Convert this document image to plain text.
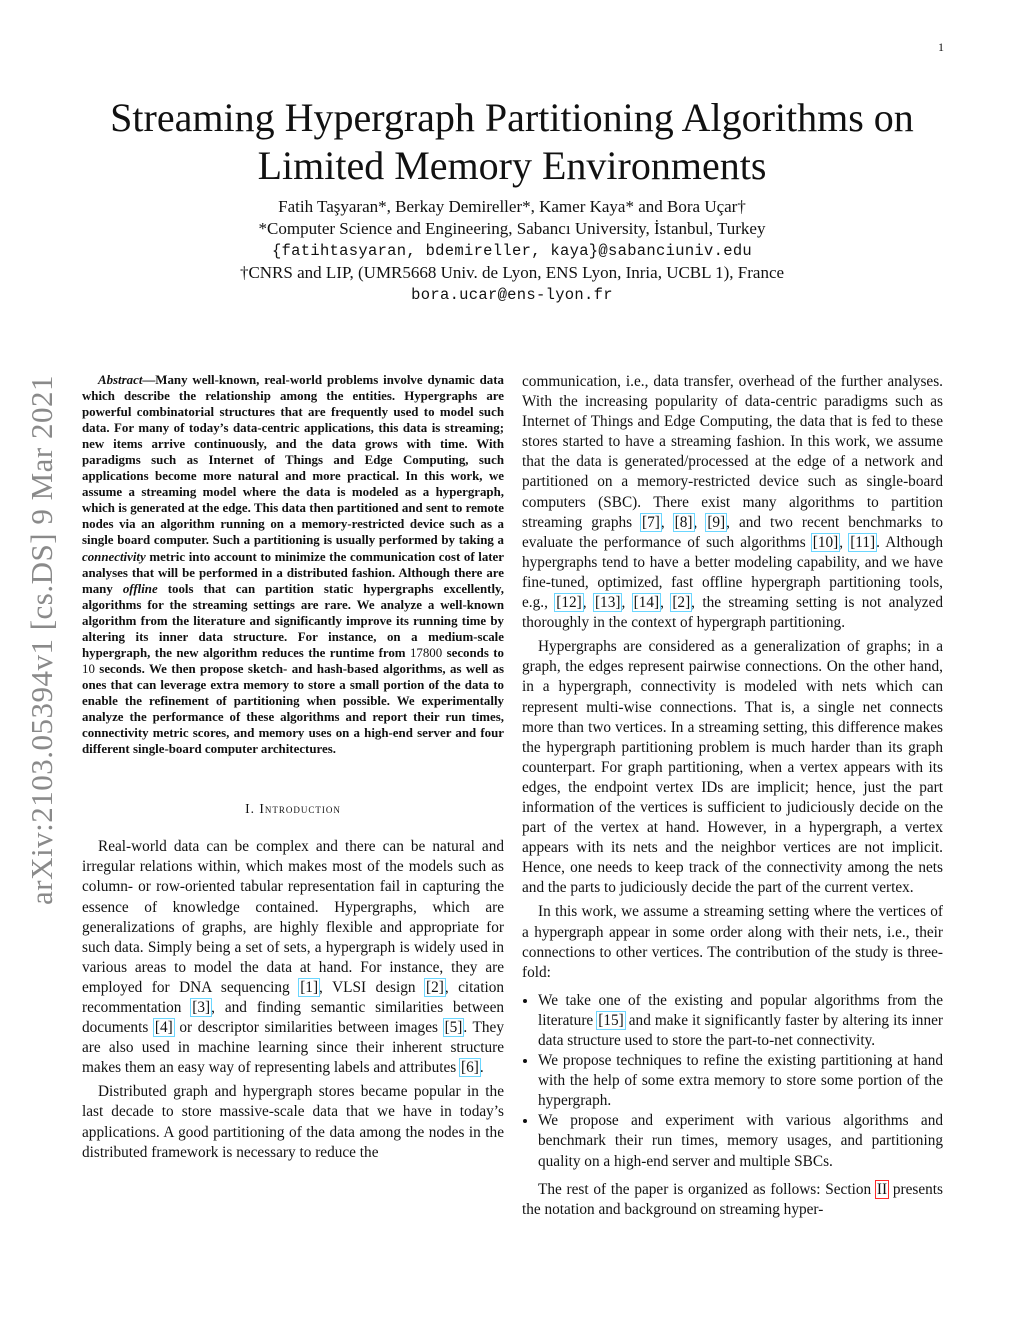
1
arXiv:2103.05394v1 [cs.DS] 9 Mar 2021
Streaming Hypergraph Partitioning Algorithms on Limited Memory Environments
Fatih Taşyaran*, Berkay Demireller*, Kamer Kaya* and Bora Uçar†
*Computer Science and Engineering, Sabancı University, İstanbul, Turkey
{fatihtasyaran, bdemireller, kaya}@sabanciuniv.edu
†CNRS and LIP, (UMR5668 Univ. de Lyon, ENS Lyon, Inria, UCBL 1), France
bora.ucar@ens-lyon.fr

Abstract—Many well-known, real-world problems involve dynamic data which describe the relationship among the entities. Hypergraphs are powerful combinatorial structures that are frequently used to model such data. For many of today’s data-centric applications, this data is streaming; new items arrive continuously, and the data grows with time. With paradigms such as Internet of Things and Edge Computing, such applications become more natural and more practical. In this work, we assume a streaming model where the data is modeled as a hypergraph, which is generated at the edge. This data then partitioned and sent to remote nodes via an algorithm running on a memory-restricted device such as a single board computer. Such a partitioning is usually performed by taking a connectivity metric into account to minimize the communication cost of later analyses that will be performed in a distributed fashion. Although there are many offline tools that can partition static hypergraphs excellently, algorithms for the streaming settings are rare. We analyze a well-known algorithm from the literature and significantly improve its running time by altering its inner data structure. For instance, on a medium-scale hypergraph, the new algorithm reduces the runtime from 17800 seconds to 10 seconds. We then propose sketch- and hash-based algorithms, as well as ones that can leverage extra memory to store a small portion of the data to enable the refinement of partitioning when possible. We experimentally analyze the performance of these algorithms and report their run times, connectivity metric scores, and memory uses on a high-end server and four different single-board computer architectures.

I. Introduction

Real-world data can be complex and there can be natural and irregular relations within, which makes most of the models such as column- or row-oriented tabular representation fail in capturing the essence of knowledge contained. Hypergraphs, which are generalizations of graphs, are highly flexible and appropriate for such data. Simply being a set of sets, a hypergraph is widely used in various areas to model the data at hand. For instance, they are employed for DNA sequencing [1], VLSI design [2], citation recommentation [3], and finding semantic similarities between documents [4] or descriptor similarities between images [5]. They are also used in machine learning since their inherent structure makes them an easy way of representing labels and attributes [6].

Distributed graph and hypergraph stores became popular in the last decade to store massive-scale data that we have in today’s applications. A good partitioning of the data among the nodes in the distributed framework is necessary to reduce the

communication, i.e., data transfer, overhead of the further analyses. With the increasing popularity of data-centric paradigms such as Internet of Things and Edge Computing, the data that is fed to these stores started to have a streaming fashion. In this work, we assume that the data is generated/processed at the edge of a network and partitioned on a memory-restricted device such as single-board computers (SBC). There exist many algorithms to partition streaming graphs [7], [8], [9], and two recent benchmarks to evaluate the performance of such algorithms [10], [11]. Although hypergraphs tend to have a better modeling capability, and we have fine-tuned, optimized, fast offline hypergraph partitioning tools, e.g., [12], [13], [14], [2], the streaming setting is not analyzed thoroughly in the context of hypergraph partitioning.

Hypergraphs are considered as a generalization of graphs; in a graph, the edges represent pairwise connections. On the other hand, in a hypergraph, connectivity is modeled with nets which can represent multi-wise connections. That is, a single net connects more than two vertices. In a streaming setting, this difference makes the hypergraph partitioning problem is much harder than its graph counterpart. For graph partitioning, when a vertex appears with its edges, the endpoint vertex IDs are implicit; hence, just the part information of the vertices is sufficient to judiciously decide on the part of the vertex at hand. However, in a hypergraph, a vertex appears with its nets and the neighbor vertices are not implicit. Hence, one needs to keep track of the connectivity among the nets and the parts to judiciously decide the part of the current vertex.

In this work, we assume a streaming setting where the vertices of a hypergraph appear in some order along with their nets, i.e., their connections to other vertices. The contribution of the study is three-fold:

• We take one of the existing and popular algorithms from the literature [15] and make it significantly faster by altering its inner data structure used to store the part-to-net connectivity.
• We propose techniques to refine the existing partitioning at hand with the help of some extra memory to store some portion of the hypergraph.
• We propose and experiment with various algorithms and benchmark their run times, memory usages, and partitioning quality on a high-end server and multiple SBCs.

The rest of the paper is organized as follows: Section II presents the notation and background on streaming hyper-
